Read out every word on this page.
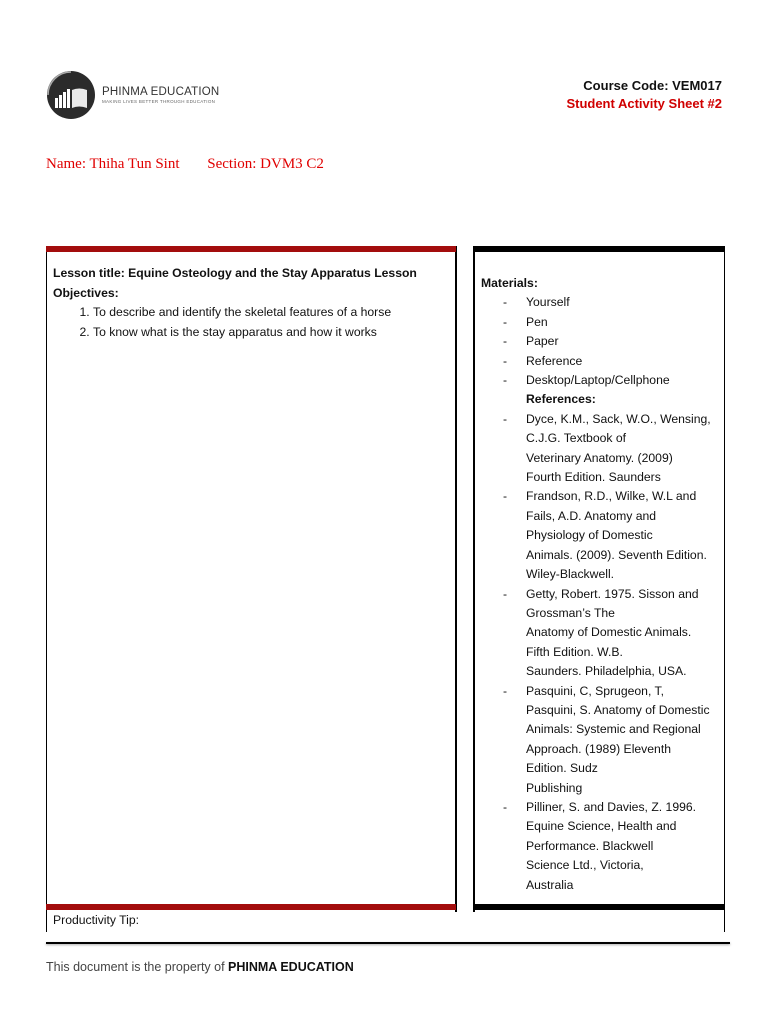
PHINMA EDUCATION
MAKING LIVES BETTER THROUGH EDUCATION
Course Code: VEM017
Student Activity Sheet #2
Name: Thiha Tun Sint Section: DVM3 C2
Lesson title: Equine Osteology and the Stay Apparatus Lesson
Objectives:
1. To describe and identify the skeletal features of a horse
2. To know what is the stay apparatus and how it works
Materials:
- Yourself
- Pen
- Paper
- Reference
- Desktop/Laptop/Cellphone
References:
- Dyce, K.M., Sack, W.O., Wensing,
C.J.G. Textbook of
Veterinary Anatomy. (2009)
Fourth Edition. Saunders
- Frandson, R.D., Wilke, W.L and
Fails, A.D. Anatomy and
Physiology of Domestic
Animals. (2009). Seventh Edition.
Wiley-Blackwell.
- Getty, Robert. 1975. Sisson and
Grossman’s The
Anatomy of Domestic Animals.
Fifth Edition. W.B.
Saunders. Philadelphia, USA.
- Pasquini, C, Sprugeon, T,
Pasquini, S. Anatomy of Domestic
Animals: Systemic and Regional
Approach. (1989) Eleventh
Edition. Sudz
Publishing
- Pilliner, S. and Davies, Z. 1996.
Equine Science, Health and
Performance. Blackwell
Science Ltd., Victoria,
Australia
Productivity Tip:
This document is the property of PHINMA EDUCATION
